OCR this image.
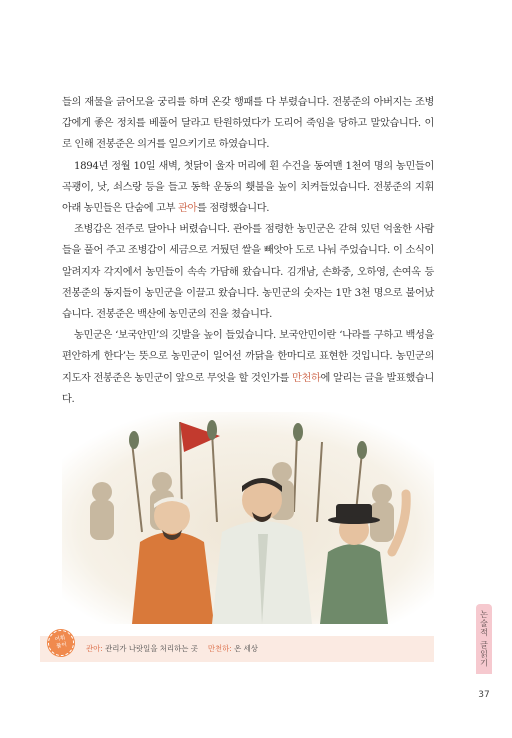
들의 재물을 긁어모을 궁리를 하며 온갖 행패를 다 부렸습니다. 전봉준의 아버지는 조병갑에게 좋은 정치를 베풀어 달라고 탄원하였다가 도리어 죽임을 당하고 말았습니다. 이로 인해 전봉준은 의거를 일으키기로 하였습니다.

1894년 정월 10일 새벽, 첫닭이 울자 머리에 흰 수건을 동여맨 1천여 명의 농민들이 곡괭이, 낫, 쇠스랑 등을 들고 동학 운동의 횃불을 높이 치켜들었습니다. 전봉준의 지휘 아래 농민들은 단숨에 고부 관아를 점령했습니다.

조병갑은 전주로 달아나 버렸습니다. 관아를 점령한 농민군은 갇혀 있던 억울한 사람들을 풀어 주고 조병갑이 세금으로 거뒀던 쌀을 빼앗아 도로 나눠 주었습니다. 이 소식이 알려지자 각지에서 농민들이 속속 가담해 왔습니다. 김개남, 손화중, 오하영, 손여옥 등 전봉준의 동지들이 농민군을 이끌고 왔습니다. 농민군의 숫자는 1만 3천 명으로 불어났습니다. 전봉준은 백산에 농민군의 진을 쳤습니다.

농민군은 ‘보국안민’의 깃발을 높이 들었습니다. 보국안민이란 ‘나라를 구하고 백성을 편안하게 한다’는 뜻으로 농민군이 일어선 까닭을 한마디로 표현한 것입니다. 농민군의 지도자 전봉준은 농민군이 앞으로 무엇을 할 것인가를 만천하에 알리는 글을 발표했습니다.

어휘
풀이	관아: 관리가 나랏일을 처리하는 곳 만천하: 온 세상	논술적 글읽기
37
